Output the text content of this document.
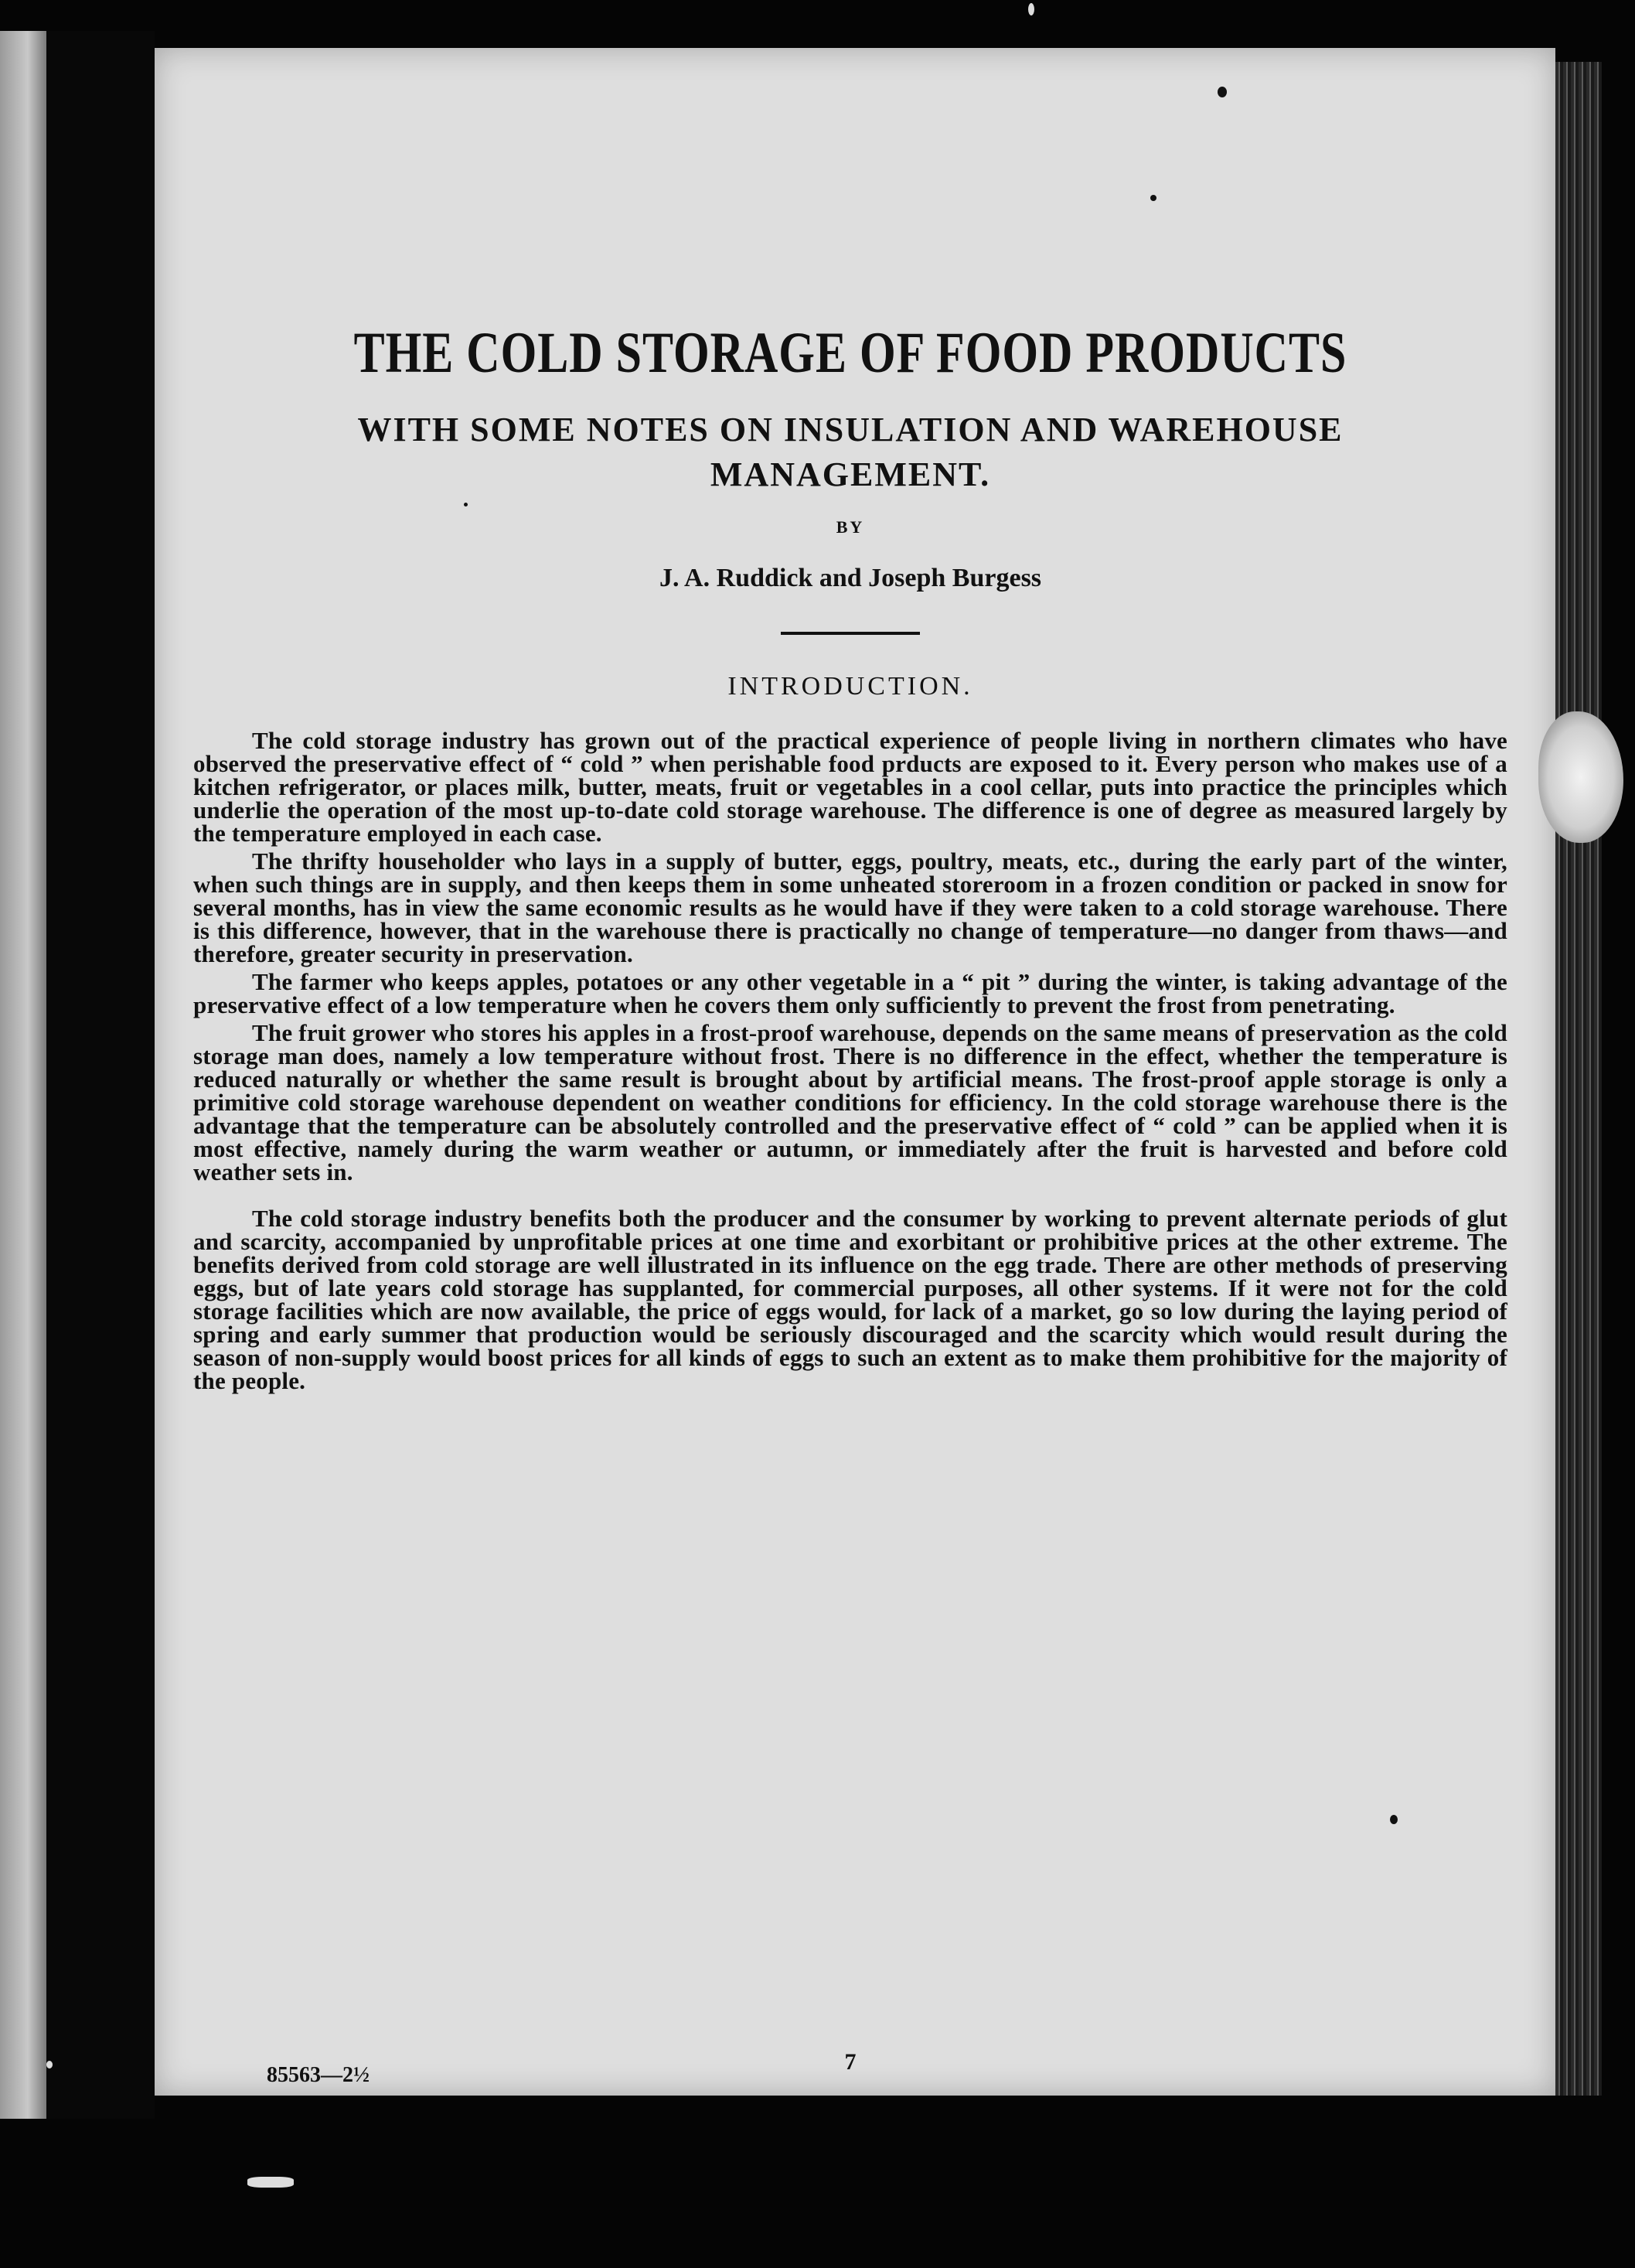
THE COLD STORAGE OF FOOD PRODUCTS
WITH SOME NOTES ON INSULATION AND WAREHOUSE MANAGEMENT.
BY
J. A. Ruddick and Joseph Burgess
INTRODUCTION.

The cold storage industry has grown out of the practical experience of people living in northern climates who have observed the preservative effect of “ cold ” when perishable food prducts are exposed to it. Every person who makes use of a kitchen refrigerator, or places milk, butter, meats, fruit or vegetables in a cool cellar, puts into practice the principles which underlie the operation of the most up-to-date cold storage warehouse. The difference is one of degree as measured largely by the temperature employed in each case.

The thrifty householder who lays in a supply of butter, eggs, poultry, meats, etc., during the early part of the winter, when such things are in supply, and then keeps them in some unheated storeroom in a frozen condition or packed in snow for several months, has in view the same economic results as he would have if they were taken to a cold storage warehouse. There is this difference, however, that in the warehouse there is practically no change of temperature—no danger from thaws—and therefore, greater security in preservation.

The farmer who keeps apples, potatoes or any other vegetable in a “ pit ” during the winter, is taking advantage of the preservative effect of a low temperature when he covers them only sufficiently to prevent the frost from penetrating.

The fruit grower who stores his apples in a frost-proof warehouse, depends on the same means of preservation as the cold storage man does, namely a low temperature without frost. There is no difference in the effect, whether the temperature is reduced naturally or whether the same result is brought about by artificial means. The frost-proof apple storage is only a primitive cold storage warehouse dependent on weather conditions for efficiency. In the cold storage warehouse there is the advantage that the temperature can be absolutely controlled and the preservative effect of “ cold ” can be applied when it is most effective, namely during the warm weather or autumn, or immediately after the fruit is harvested and before cold weather sets in.

The cold storage industry benefits both the producer and the consumer by working to prevent alternate periods of glut and scarcity, accompanied by unprofitable prices at one time and exorbitant or prohibitive prices at the other extreme. The benefits derived from cold storage are well illustrated in its influence on the egg trade. There are other methods of preserving eggs, but of late years cold storage has supplanted, for commercial purposes, all other systems. If it were not for the cold storage facilities which are now available, the price of eggs would, for lack of a market, go so low during the laying period of spring and early summer that production would be seriously discouraged and the scarcity which would result during the season of non-supply would boost prices for all kinds of eggs to such an extent as to make them prohibitive for the majority of the people.

7
85563—2½
